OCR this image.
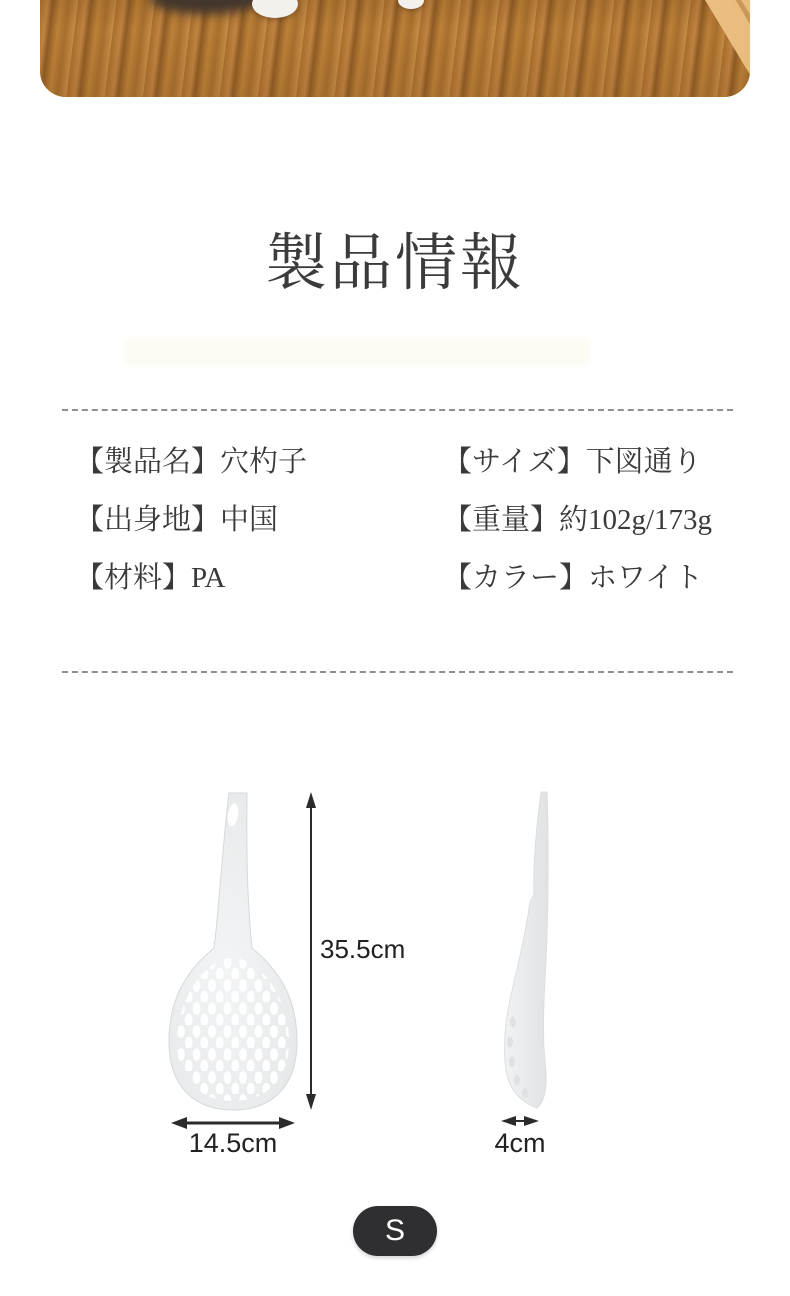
製品情報
【製品名】穴杓子
【出身地】中国
【材料】PA
【サイズ】下図通り
【重量】約102g/173g
【カラー】ホワイト
35.5cm
14.5cm	4cm
S
